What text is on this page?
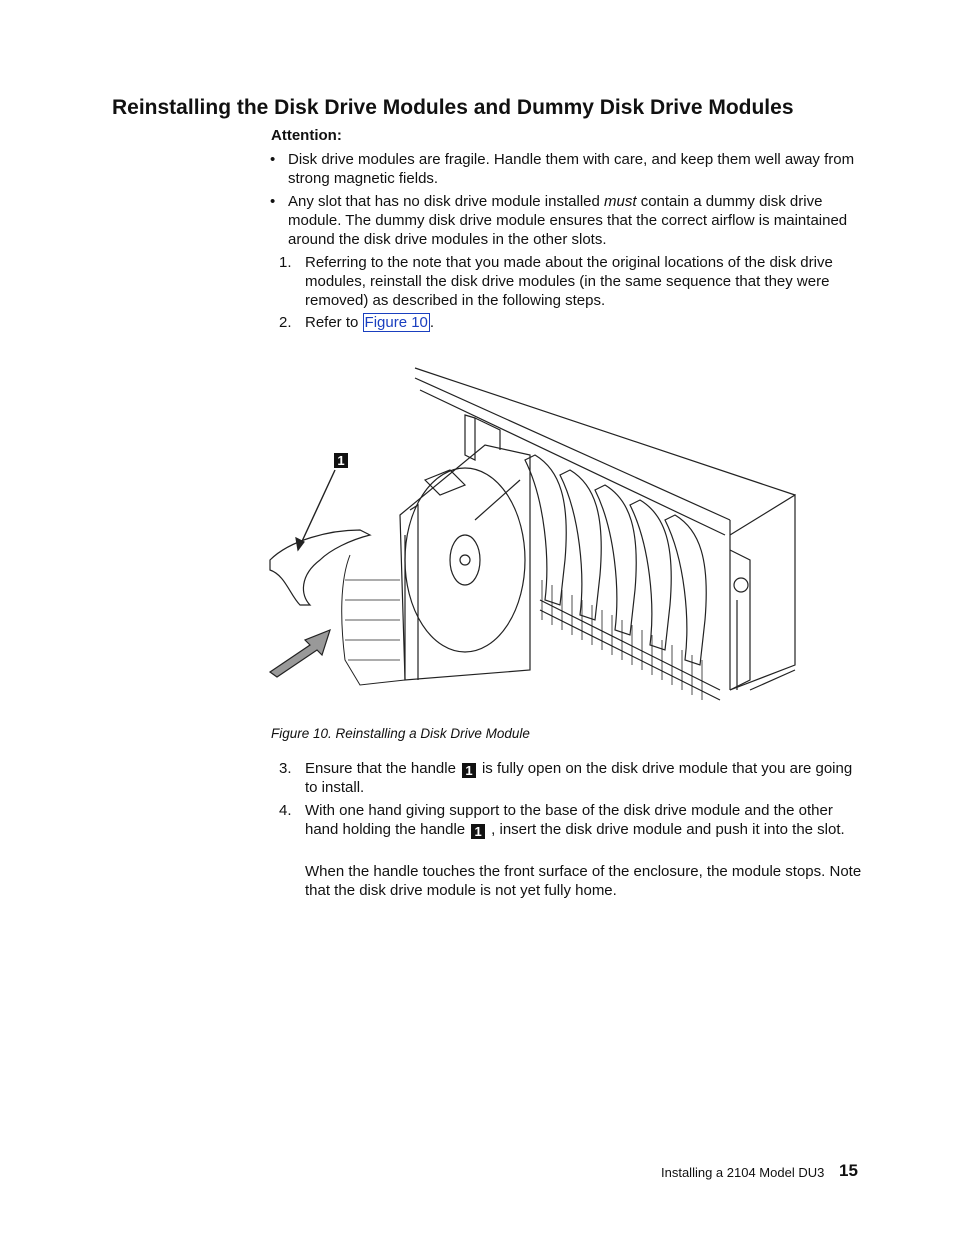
Reinstalling the Disk Drive Modules and Dummy Disk Drive Modules
Attention:
• Disk drive modules are fragile. Handle them with care, and keep them well away from strong magnetic fields.
• Any slot that has no disk drive module installed must contain a dummy disk drive module. The dummy disk drive module ensures that the correct airflow is maintained around the disk drive modules in the other slots.
1. Referring to the note that you made about the original locations of the disk drive modules, reinstall the disk drive modules (in the same sequence that they were removed) as described in the following steps.
2. Refer to Figure 10 .
1
Figure 10. Reinstalling a Disk Drive Module
3. Ensure that the handle 1 is fully open on the disk drive module that you are going to install.
4. With one hand giving support to the base of the disk drive module and the other hand holding the handle 1 , insert the disk drive module and push it into the slot.
When the handle touches the front surface of the enclosure, the module stops. Note that the disk drive module is not yet fully home.
Installing a 2104 Model DU3 15
